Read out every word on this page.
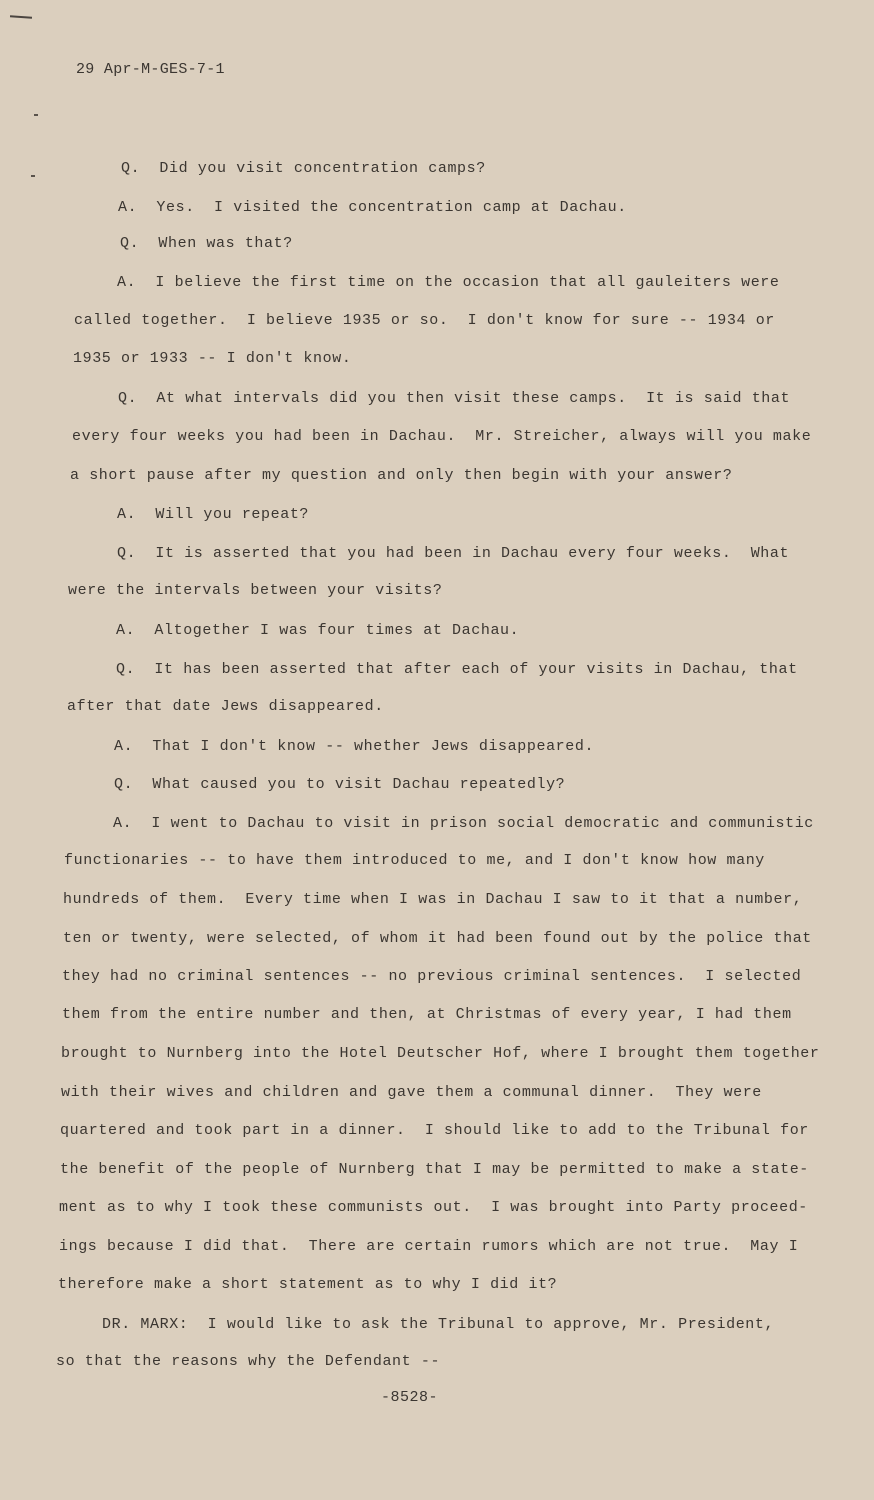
29 Apr-M-GES-7-1
Q.  Did you visit concentration camps?
A.  Yes.  I visited the concentration camp at Dachau.
Q.  When was that?
A.  I believe the first time on the occasion that all gauleiters were
called together.  I believe 1935 or so.  I don't know for sure -- 1934 or
1935 or 1933 -- I don't know.
Q.  At what intervals did you then visit these camps.  It is said that
every four weeks you had been in Dachau.  Mr. Streicher, always will you make
a short pause after my question and only then begin with your answer?
A.  Will you repeat?
Q.  It is asserted that you had been in Dachau every four weeks.  What
were the intervals between your visits?
A.  Altogether I was four times at Dachau.
Q.  It has been asserted that after each of your visits in Dachau, that
after that date Jews disappeared.
A.  That I don't know -- whether Jews disappeared.
Q.  What caused you to visit Dachau repeatedly?
A.  I went to Dachau to visit in prison social democratic and communistic
functionaries -- to have them introduced to me, and I don't know how many
hundreds of them.  Every time when I was in Dachau I saw to it that a number,
ten or twenty, were selected, of whom it had been found out by the police that
they had no criminal sentences -- no previous criminal sentences.  I selected
them from the entire number and then, at Christmas of every year, I had them
brought to Nurnberg into the Hotel Deutscher Hof, where I brought them together
with their wives and children and gave them a communal dinner.  They were
quartered and took part in a dinner.  I should like to add to the Tribunal for
the benefit of the people of Nurnberg that I may be permitted to make a state-
ment as to why I took these communists out.  I was brought into Party proceed-
ings because I did that.  There are certain rumors which are not true.  May I
therefore make a short statement as to why I did it?
DR. MARX:  I would like to ask the Tribunal to approve, Mr. President,
so that the reasons why the Defendant --
-8528-
